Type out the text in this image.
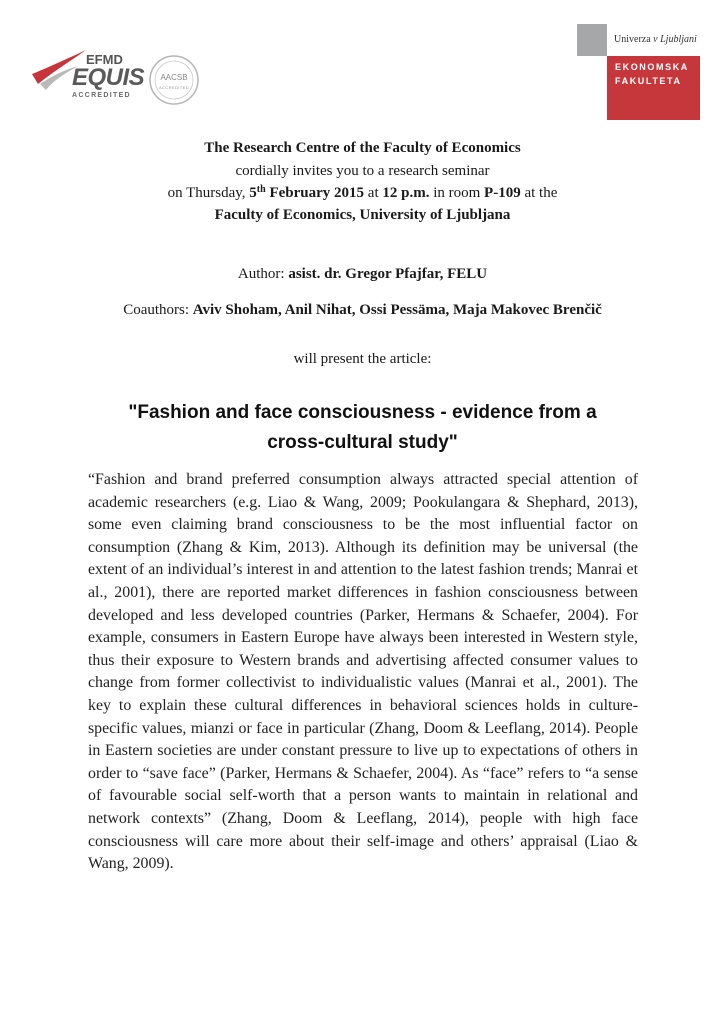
EFMD
EQUIS
ACCREDITED
AACSB
ACCREDITED
Univerza v Ljubljani
EKONOMSKA
FAKULTETA
The Research Centre of the Faculty of Economics
cordially invites you to a research seminar
on Thursday, 5th February 2015 at 12 p.m. in room P-109 at the
Faculty of Economics, University of Ljubljana
Author: asist. dr. Gregor Pfajfar, FELU
Coauthors: Aviv Shoham, Anil Nihat, Ossi Pessäma, Maja Makovec Brenčič
will present the article:
"Fashion and face consciousness - evidence from a
cross-cultural study"
“Fashion and brand preferred consumption always attracted special attention of academic researchers (e.g. Liao & Wang, 2009; Pookulangara & Shephard, 2013), some even claiming brand consciousness to be the most influential factor on consumption (Zhang & Kim, 2013). Although its definition may be universal (the extent of an individual’s interest in and attention to the latest fashion trends; Manrai et al., 2001), there are reported market differences in fashion consciousness between developed and less developed countries (Parker, Hermans & Schaefer, 2004). For example, consumers in Eastern Europe have always been interested in Western style, thus their exposure to Western brands and advertising affected consumer values to change from former collectivist to individualistic values (Manrai et al., 2001). The key to explain these cultural differences in behavioral sciences holds in culture-specific values, mianzi or face in particular (Zhang, Doom & Leeflang, 2014). People in Eastern societies are under constant pressure to live up to expectations of others in order to “save face” (Parker, Hermans & Schaefer, 2004). As “face” refers to “a sense of favourable social self-worth that a person wants to maintain in relational and network contexts” (Zhang, Doom & Leeflang, 2014), people with high face consciousness will care more about their self-image and others’ appraisal (Liao & Wang, 2009).
